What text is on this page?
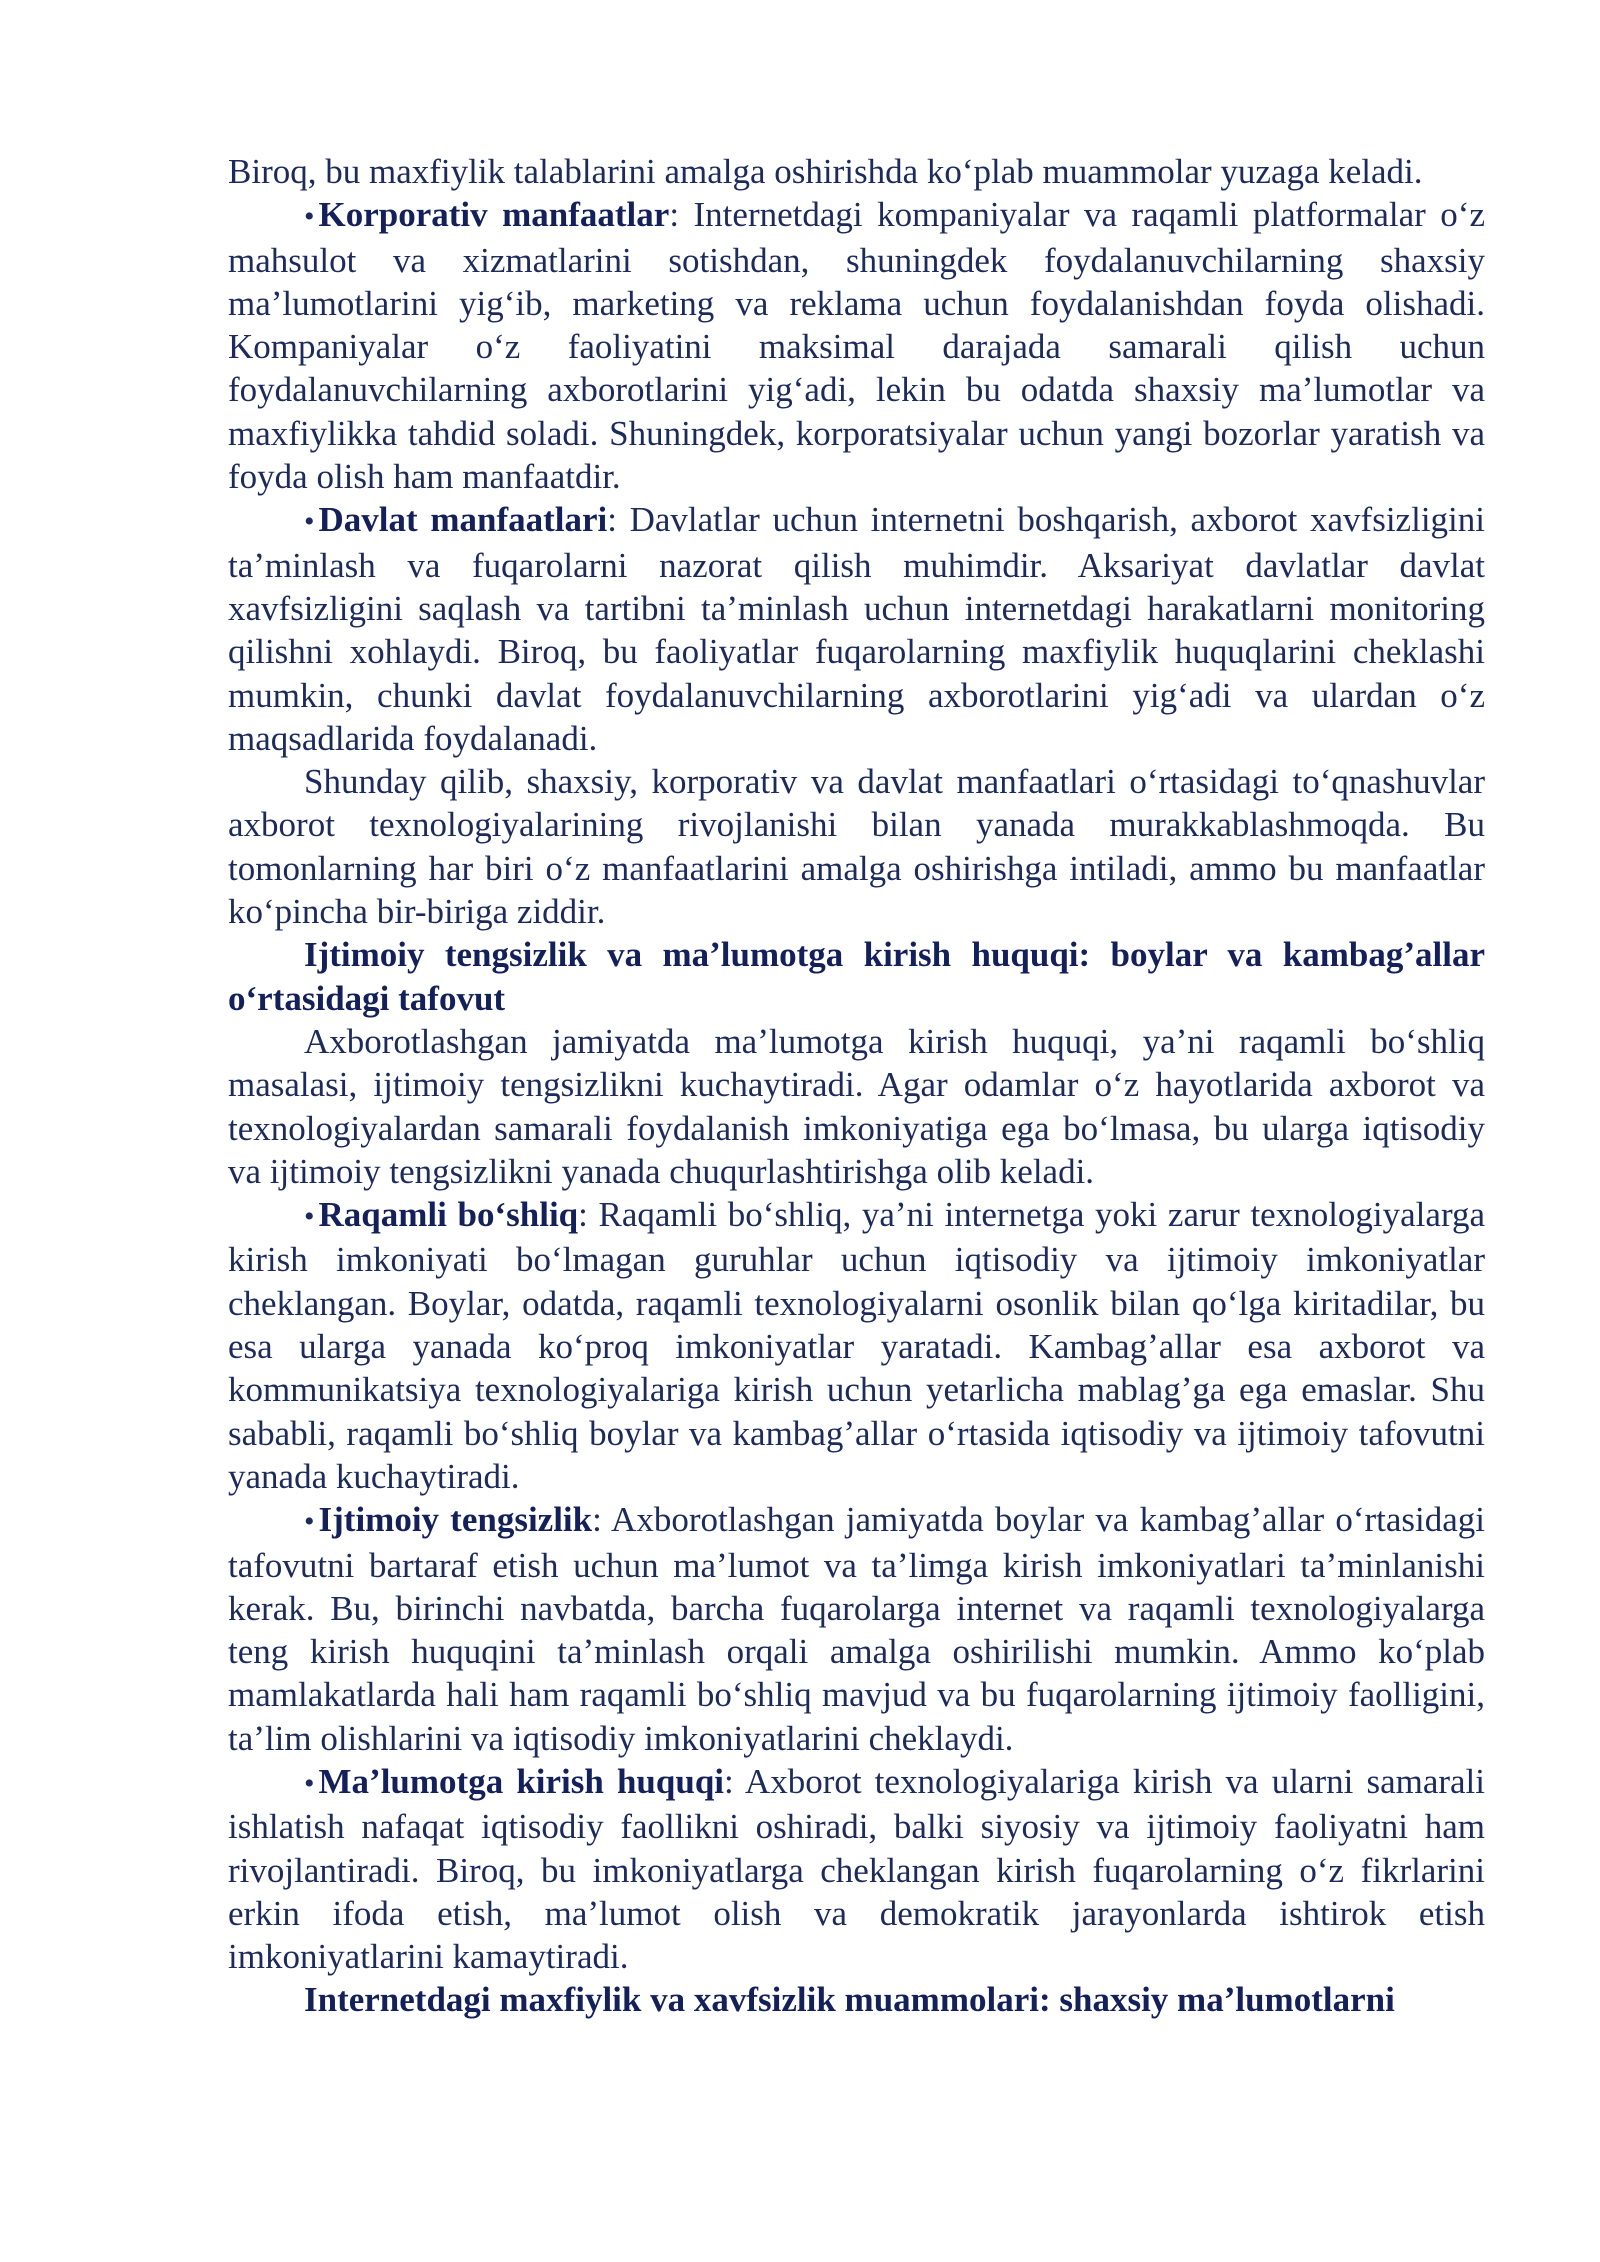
Biroq, bu maxfiylik talablarini amalga oshirishda koʻplab muammolar yuzaga keladi.

• Korporativ manfaatlar: Internetdagi kompaniyalar va raqamli platformalar oʻz mahsulot va xizmatlarini sotishdan, shuningdek foydalanuvchilarning shaxsiy maʼlumotlarini yigʻib, marketing va reklama uchun foydalanishdan foyda olishadi. Kompaniyalar oʻz faoliyatini maksimal darajada samarali qilish uchun foydalanuvchilarning axborotlarini yigʻadi, lekin bu odatda shaxsiy maʼlumotlar va maxfiylikka tahdid soladi. Shuningdek, korporatsiyalar uchun yangi bozorlar yaratish va foyda olish ham manfaatdir.

• Davlat manfaatlari: Davlatlar uchun internetni boshqarish, axborot xavfsizligini taʼminlash va fuqarolarni nazorat qilish muhimdir. Aksariyat davlatlar davlat xavfsizligini saqlash va tartibni taʼminlash uchun internetdagi harakatlarni monitoring qilishni xohlaydi. Biroq, bu faoliyatlar fuqarolarning maxfiylik huquqlarini cheklashi mumkin, chunki davlat foydalanuvchilarning axborotlarini yigʻadi va ulardan oʻz maqsadlarida foydalanadi.

Shunday qilib, shaxsiy, korporativ va davlat manfaatlari oʻrtasidagi toʻqnashuvlar axborot texnologiyalarining rivojlanishi bilan yanada murakkablashmoqda. Bu tomonlarning har biri oʻz manfaatlarini amalga oshirishga intiladi, ammo bu manfaatlar koʻpincha bir-biriga ziddir.

Ijtimoiy tengsizlik va maʼlumotga kirish huquqi: boylar va kambagʼallar oʻrtasidagi tafovut

Axborotlashgan jamiyatda maʼlumotga kirish huquqi, yaʼni raqamli boʻshliq masalasi, ijtimoiy tengsizlikni kuchaytiradi. Agar odamlar oʻz hayotlarida axborot va texnologiyalardan samarali foydalanish imkoniyatiga ega boʻlmasa, bu ularga iqtisodiy va ijtimoiy tengsizlikni yanada chuqurlashtirishga olib keladi.

• Raqamli boʻshliq: Raqamli boʻshliq, yaʼni internetga yoki zarur texnologiyalarga kirish imkoniyati boʻlmagan guruhlar uchun iqtisodiy va ijtimoiy imkoniyatlar cheklangan. Boylar, odatda, raqamli texnologiyalarni osonlik bilan qoʻlga kiritadilar, bu esa ularga yanada koʻproq imkoniyatlar yaratadi. Kambagʼallar esa axborot va kommunikatsiya texnologiyalariga kirish uchun yetarlicha mablagʼga ega emaslar. Shu sababli, raqamli boʻshliq boylar va kambagʼallar oʻrtasida iqtisodiy va ijtimoiy tafovutni yanada kuchaytiradi.

• Ijtimoiy tengsizlik: Axborotlashgan jamiyatda boylar va kambagʼallar oʻrtasidagi tafovutni bartaraf etish uchun maʼlumot va taʼlimga kirish imkoniyatlari taʼminlanishi kerak. Bu, birinchi navbatda, barcha fuqarolarga internet va raqamli texnologiyalarga teng kirish huquqini taʼminlash orqali amalga oshirilishi mumkin. Ammo koʻplab mamlakatlarda hali ham raqamli boʻshliq mavjud va bu fuqarolarning ijtimoiy faolligini, taʼlim olishlarini va iqtisodiy imkoniyatlarini cheklaydi.

• Maʼlumotga kirish huquqi: Axborot texnologiyalariga kirish va ularni samarali ishlatish nafaqat iqtisodiy faollikni oshiradi, balki siyosiy va ijtimoiy faoliyatni ham rivojlantiradi. Biroq, bu imkoniyatlarga cheklangan kirish fuqarolarning oʻz fikrlarini erkin ifoda etish, maʼlumot olish va demokratik jarayonlarda ishtirok etish imkoniyatlarini kamaytiradi.

Internetdagi maxfiylik va xavfsizlik muammolari: shaxsiy maʼlumotlarni
